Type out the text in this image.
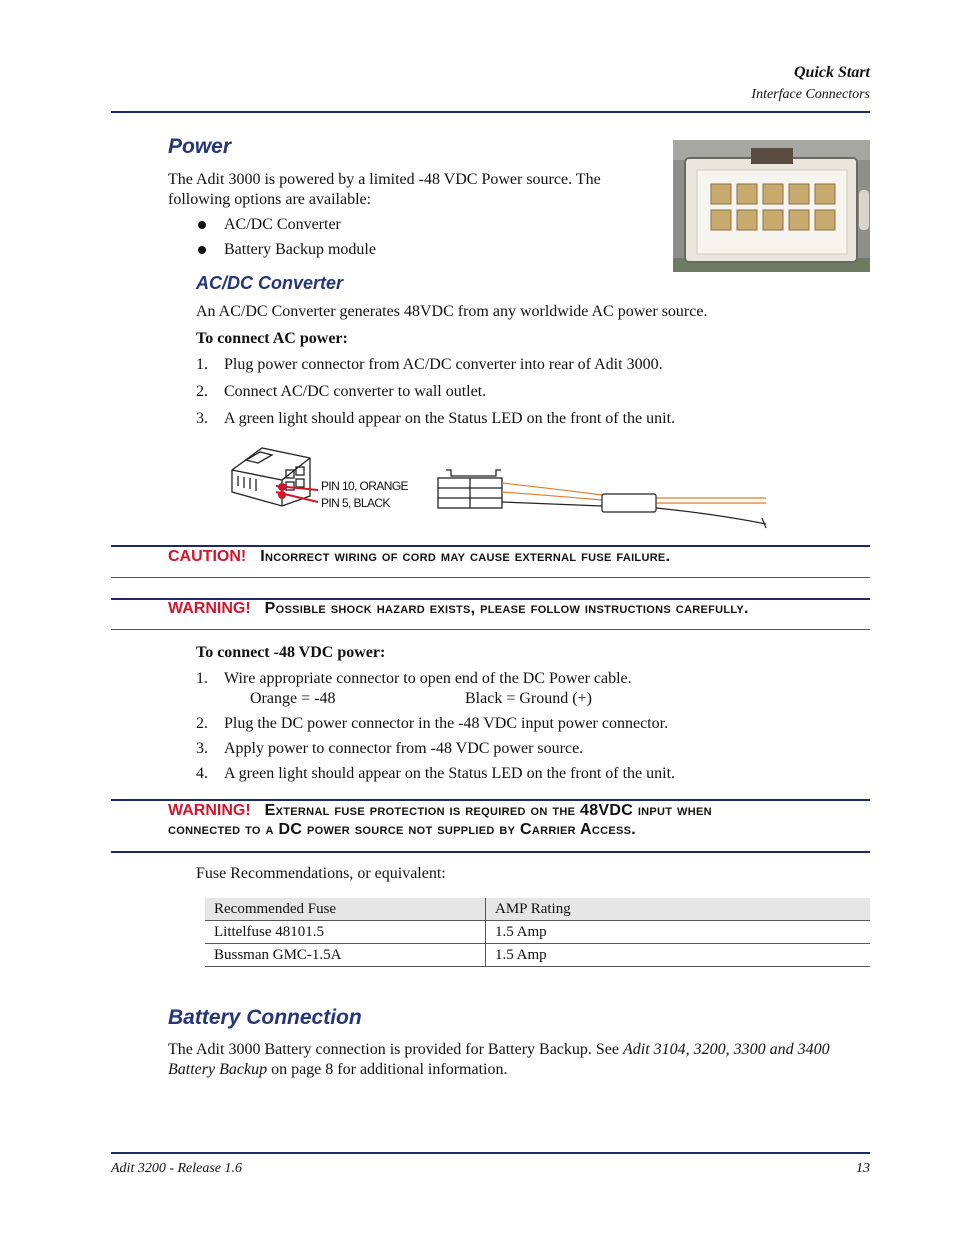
Quick Start
Interface Connectors
Power
The Adit 3000 is powered by a limited -48 VDC Power source. The
following options are available:
AC/DC Converter
Battery Backup module
AC/DC Converter
An AC/DC Converter generates 48VDC from any worldwide AC power source.
To connect AC power:
1. Plug power connector from AC/DC converter into rear of Adit 3000.
2. Connect AC/DC converter to wall outlet.
3. A green light should appear on the Status LED on the front of the unit.
PIN 10, ORANGE
PIN 5, BLACK
CAUTION! Incorrect wiring of cord may cause external fuse failure.
WARNING! Possible shock hazard exists, please follow instructions carefully.
To connect -48 VDC power:
1. Wire appropriate connector to open end of the DC Power cable.
Orange = -48	Black = Ground (+)
2. Plug the DC power connector in the -48 VDC input power connector.
3. Apply power to connector from -48 VDC power source.
4. A green light should appear on the Status LED on the front of the unit.
WARNING! External fuse protection is required on the 48VDC input when
connected to a DC power source not supplied by Carrier Access.
Fuse Recommendations, or equivalent:
Recommended Fuse	AMP Rating
Littelfuse 48101.5	1.5 Amp
Bussman GMC-1.5A	1.5 Amp
Battery Connection
The Adit 3000 Battery connection is provided for Battery Backup. See Adit 3104, 3200, 3300 and 3400
Battery Backup on page 8 for additional information.
Adit 3200 - Release 1.6	13
